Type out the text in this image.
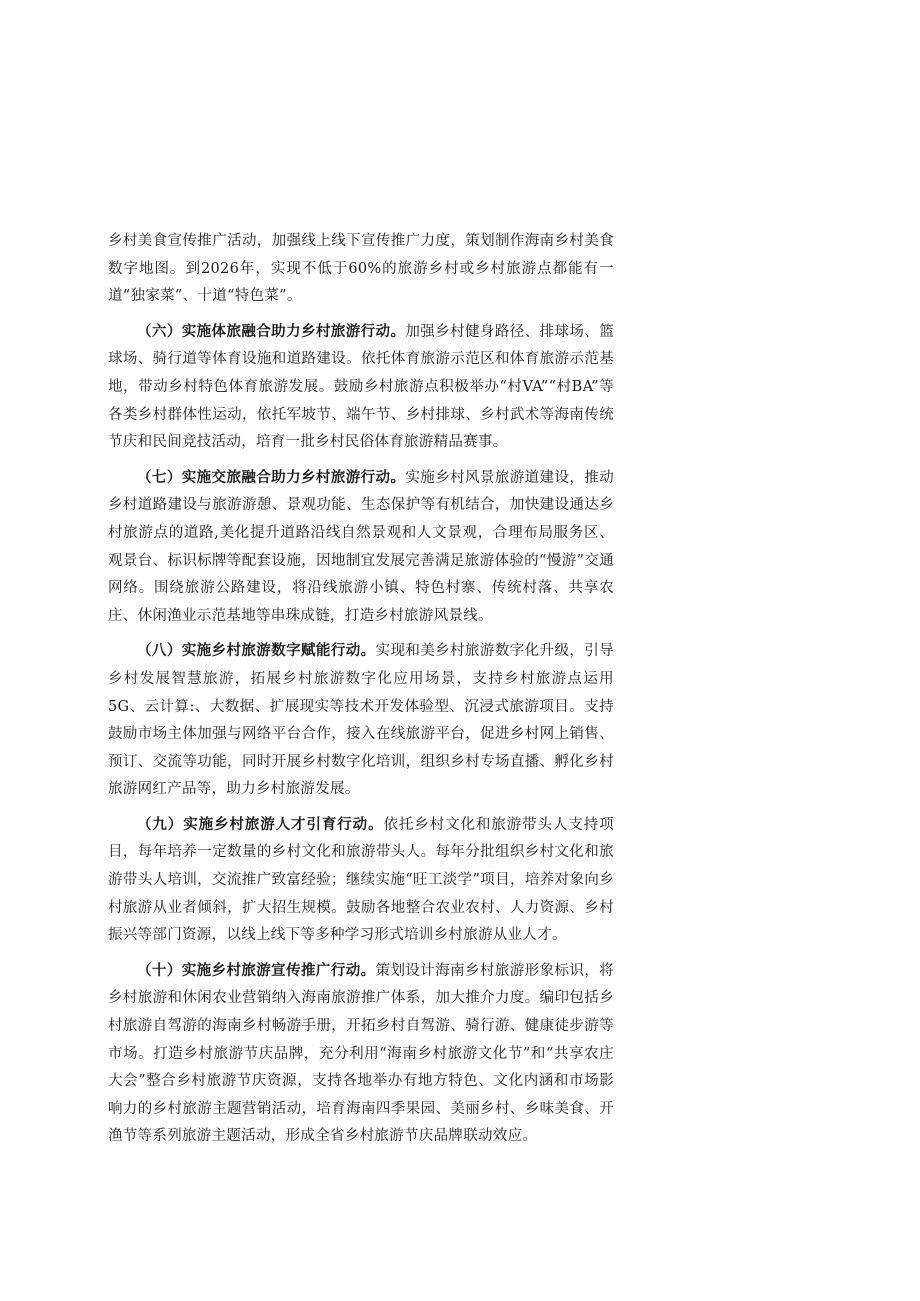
乡村美食宣传推广活动，加强线上线下宣传推广力度，策划制作海南乡村美食数字地图。到2026年，实现不低于60%的旅游乡村或乡村旅游点都能有一道“独家菜”、十道“特色菜”。

（六）实施体旅融合助力乡村旅游行动。加强乡村健身路径、排球场、篮球场、骑行道等体育设施和道路建设。依托体育旅游示范区和体育旅游示范基地，带动乡村特色体育旅游发展。鼓励乡村旅游点积极举办“村VA”“村BA”等各类乡村群体性运动，依托军坡节、端午节、乡村排球、乡村武术等海南传统节庆和民间竞技活动，培育一批乡村民俗体育旅游精品赛事。

（七）实施交旅融合助力乡村旅游行动。实施乡村风景旅游道建设，推动乡村道路建设与旅游游憩、景观功能、生态保护等有机结合，加快建设通达乡村旅游点的道路,美化提升道路沿线自然景观和人文景观，合理布局服务区、观景台、标识标牌等配套设施，因地制宜发展完善满足旅游体验的“慢游”交通网络。围绕旅游公路建设，将沿线旅游小镇、特色村寨、传统村落、共享农庄、休闲渔业示范基地等串珠成链，打造乡村旅游风景线。

（八）实施乡村旅游数字赋能行动。实现和美乡村旅游数字化升级，引导乡村发展智慧旅游，拓展乡村旅游数字化应用场景，支持乡村旅游点运用5G、云计算:、大数据、扩展现实等技术开发体验型、沉浸式旅游项目。支持鼓励市场主体加强与网络平台合作，接入在线旅游平台，促进乡村网上销售、预订、交流等功能，同时开展乡村数字化培训，组织乡村专场直播、孵化乡村旅游网红产品等，助力乡村旅游发展。

（九）实施乡村旅游人才引育行动。依托乡村文化和旅游带头人支持项目，每年培养一定数量的乡村文化和旅游带头人。每年分批组织乡村文化和旅游带头人培训，交流推广致富经验；继续实施“旺工淡学”项目，培养对象向乡村旅游从业者倾斜，扩大招生规模。鼓励各地整合农业农村、人力资源、乡村振兴等部门资源，以线上线下等多种学习形式培训乡村旅游从业人才。

（十）实施乡村旅游宣传推广行动。策划设计海南乡村旅游形象标识，将乡村旅游和休闲农业营销纳入海南旅游推广体系，加大推介力度。编印包括乡村旅游自驾游的海南乡村畅游手册，开拓乡村自驾游、骑行游、健康徒步游等市场。打造乡村旅游节庆品牌，充分利用“海南乡村旅游文化节”和“共享农庄大会”整合乡村旅游节庆资源，支持各地举办有地方特色、文化内涵和市场影响力的乡村旅游主题营销活动，培育海南四季果园、美丽乡村、乡味美食、开渔节等系列旅游主题活动，形成全省乡村旅游节庆品牌联动效应。
